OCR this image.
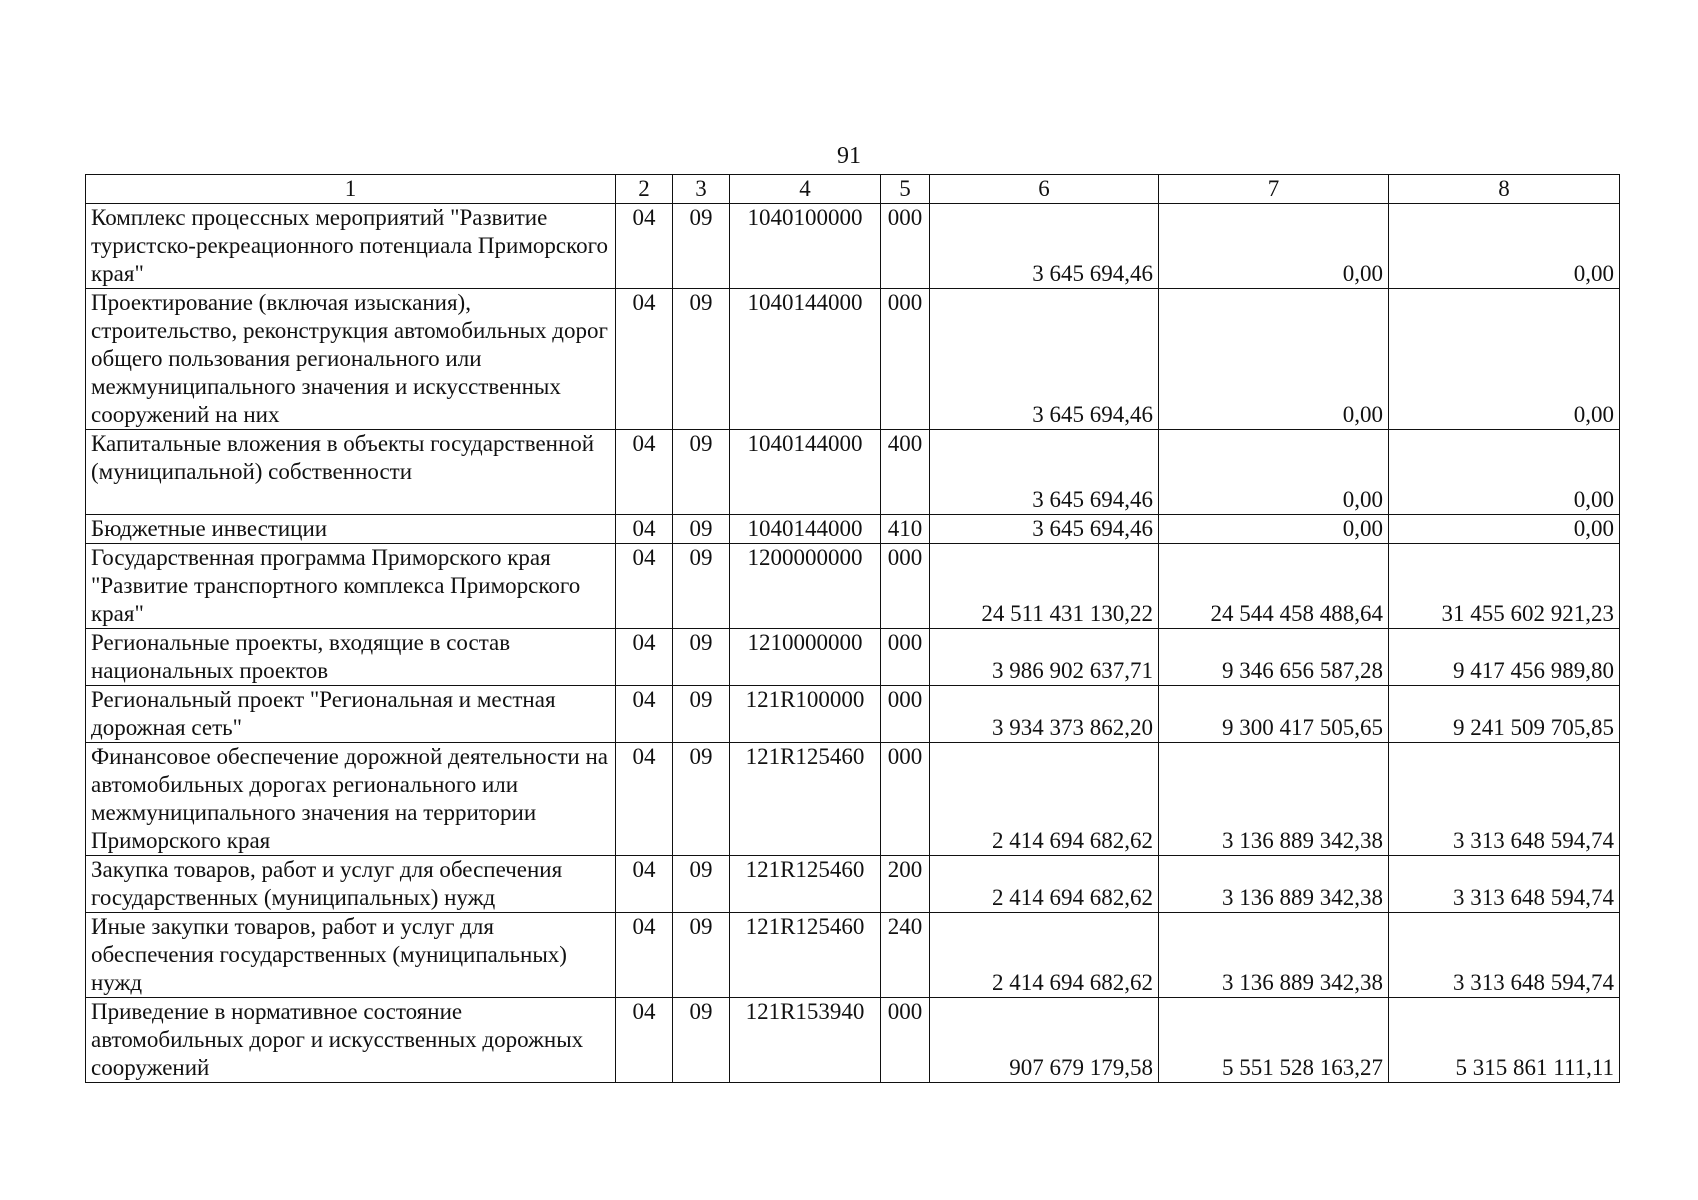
91
1	2	3	4	5	6	7	8
Комплекс процессных мероприятий "Развитие туристско-рекреационного потенциала Приморского края"	04	09	1040100000	000	3 645 694,46	0,00	0,00
Проектирование (включая изыскания), строительство, реконструкция автомобильных дорог общего пользования регионального или межмуниципального значения и искусственных сооружений на них	04	09	1040144000	000	3 645 694,46	0,00	0,00
Капитальные вложения в объекты государственной (муниципальной) собственности	04	09	1040144000	400	3 645 694,46	0,00	0,00
Бюджетные инвестиции	04	09	1040144000	410	3 645 694,46	0,00	0,00
Государственная программа Приморского края "Развитие транспортного комплекса Приморского края"	04	09	1200000000	000	24 511 431 130,22	24 544 458 488,64	31 455 602 921,23
Региональные проекты, входящие в состав национальных проектов	04	09	1210000000	000	3 986 902 637,71	9 346 656 587,28	9 417 456 989,80
Региональный проект "Региональная и местная дорожная сеть"	04	09	121R100000	000	3 934 373 862,20	9 300 417 505,65	9 241 509 705,85
Финансовое обеспечение дорожной деятельности на автомобильных дорогах регионального или межмуниципального значения на территории Приморского края	04	09	121R125460	000	2 414 694 682,62	3 136 889 342,38	3 313 648 594,74
Закупка товаров, работ и услуг для обеспечения государственных (муниципальных) нужд	04	09	121R125460	200	2 414 694 682,62	3 136 889 342,38	3 313 648 594,74
Иные закупки товаров, работ и услуг для обеспечения государственных (муниципальных) нужд	04	09	121R125460	240	2 414 694 682,62	3 136 889 342,38	3 313 648 594,74
Приведение в нормативное состояние автомобильных дорог и искусственных дорожных сооружений	04	09	121R153940	000	907 679 179,58	5 551 528 163,27	5 315 861 111,11
